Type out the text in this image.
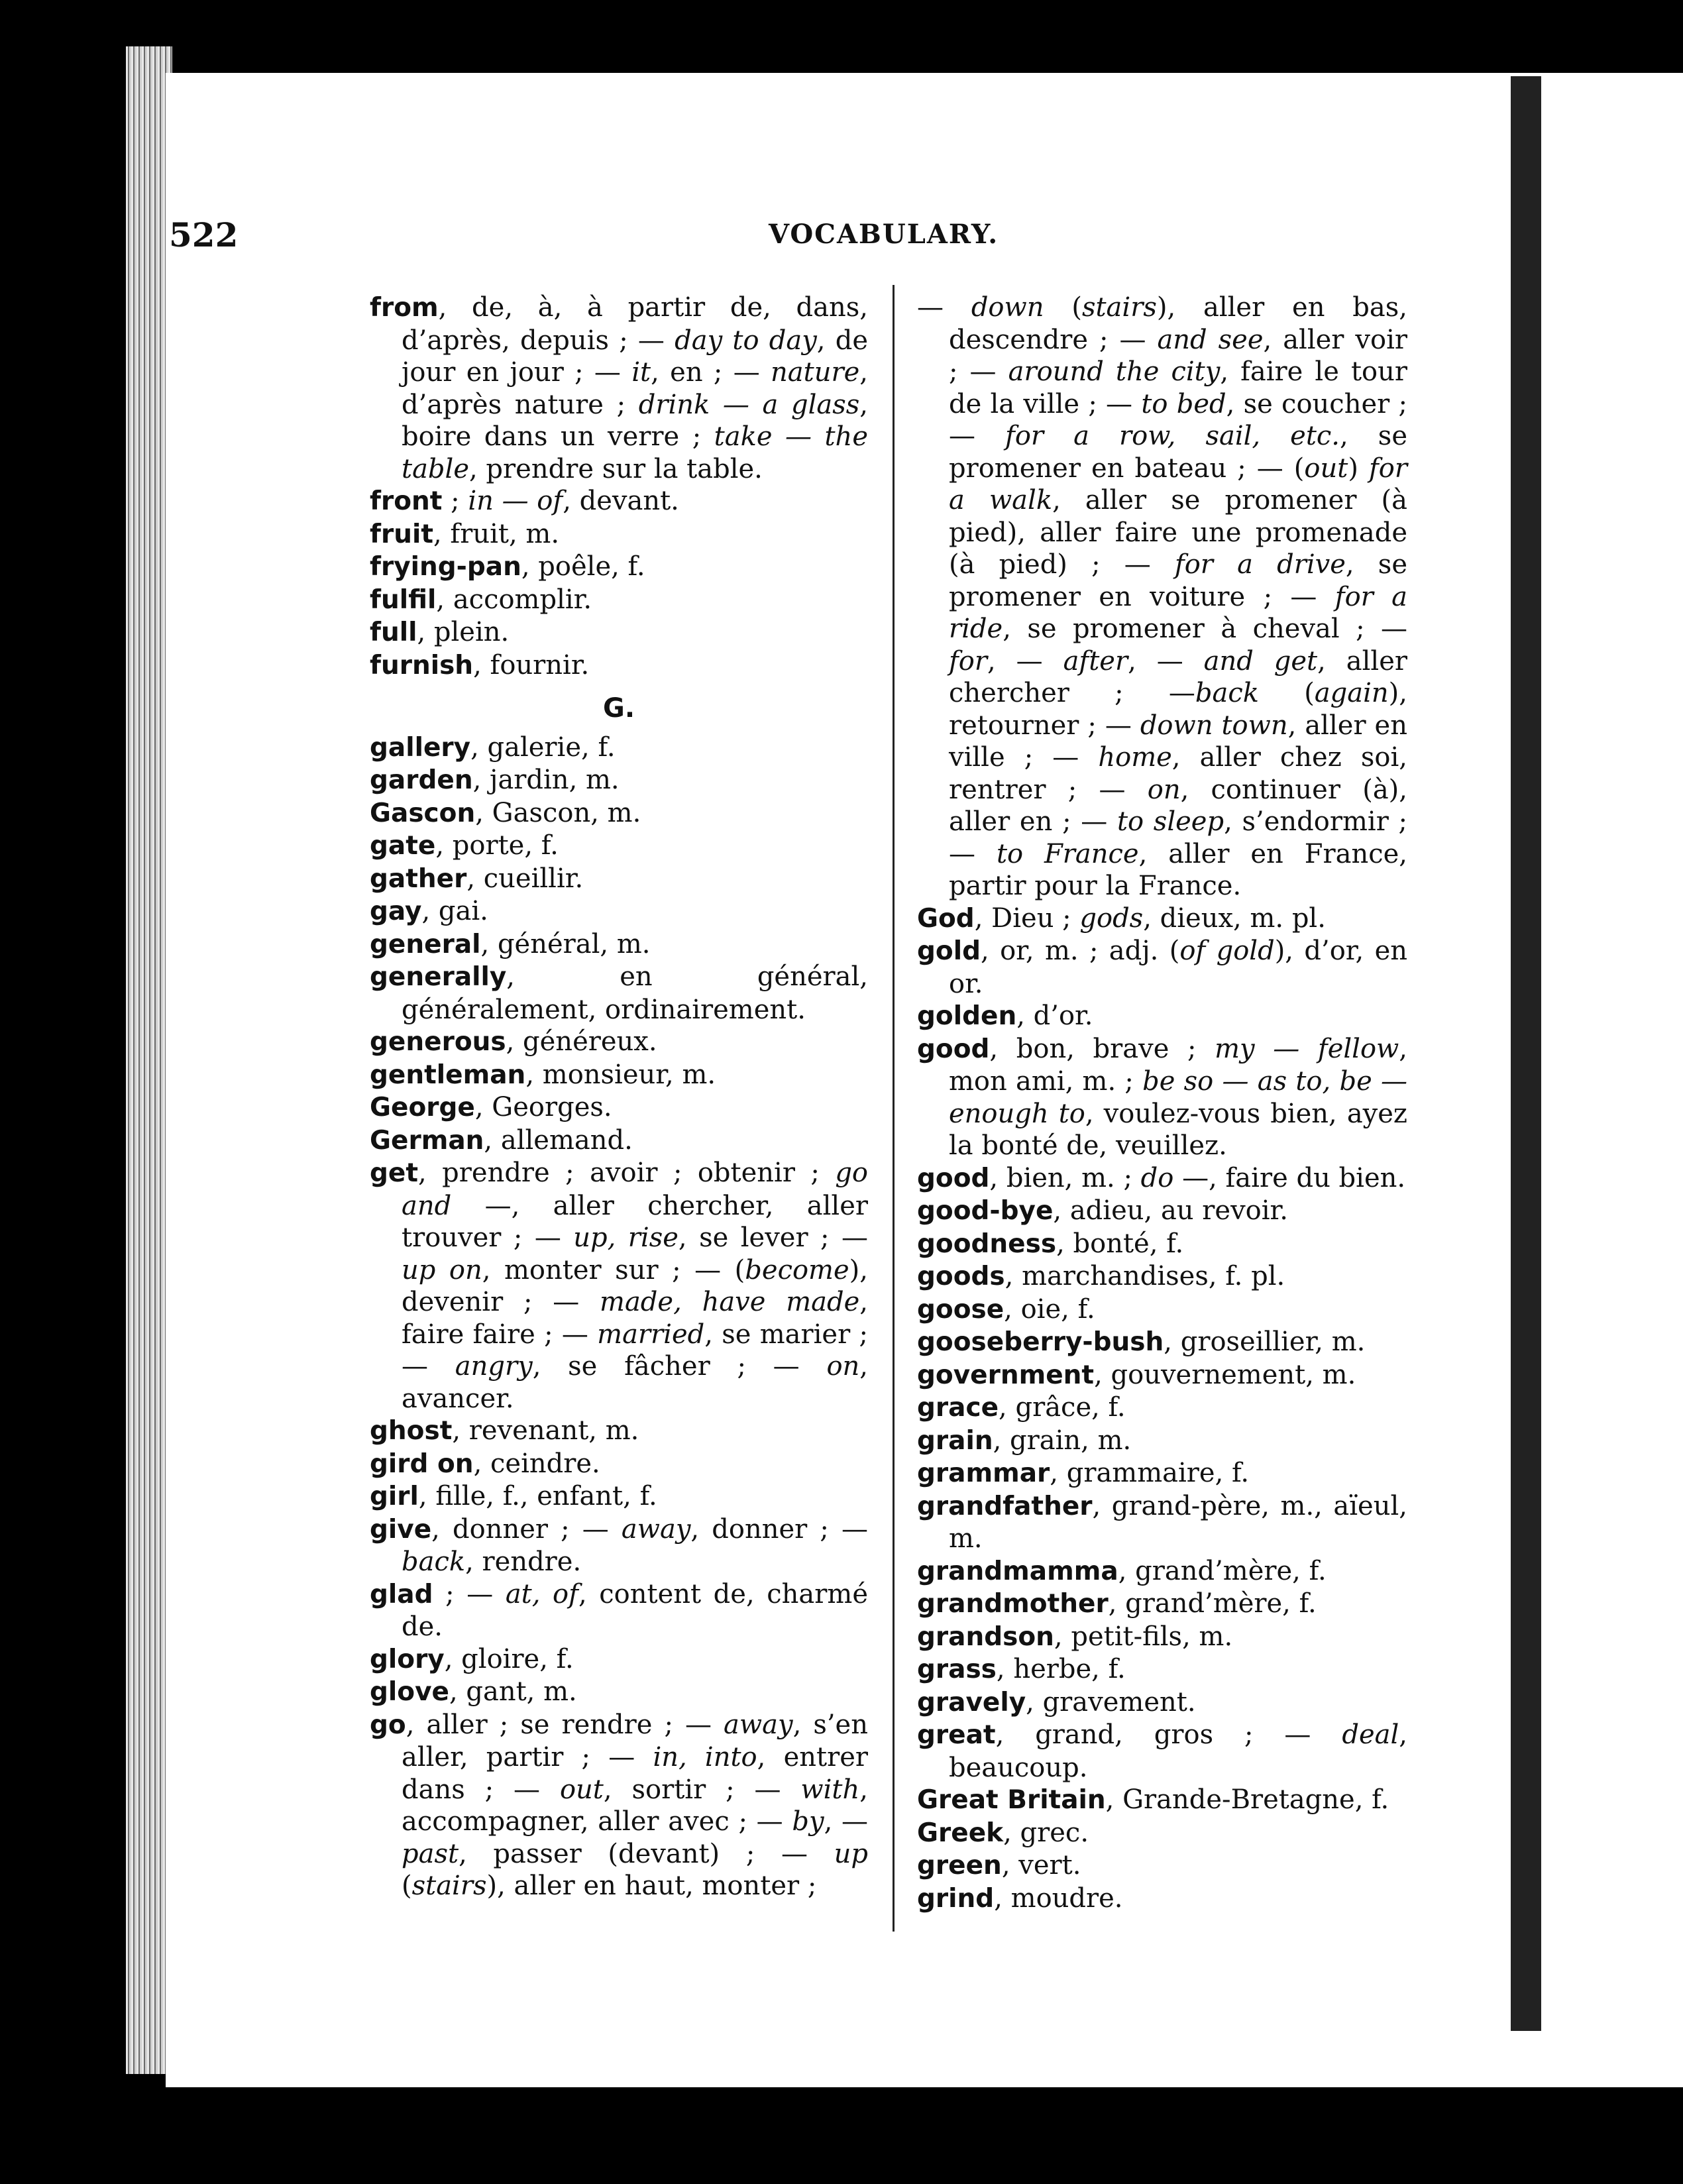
522	VOCABULARY.
from, de, à, à partir de, dans, d’après, depuis ; — day to day, de jour en jour ; — it, en ; — nature, d’après nature ; drink — a glass, boire dans un verre ; take — the table, prendre sur la table.
front ; in — of, devant.
fruit, fruit, m.
frying-pan, poêle, f.
fulfil, accomplir.
full, plein.
furnish, fournir.
G.
gallery, galerie, f.
garden, jardin, m.
Gascon, Gascon, m.
gate, porte, f.
gather, cueillir.
gay, gai.
general, général, m.
generally, en général, généralement, ordinairement.
generous, généreux.
gentleman, monsieur, m.
George, Georges.
German, allemand.
get, prendre ; avoir ; obtenir ; go and —, aller chercher, aller trouver ; — up, rise, se lever ; — up on, monter sur ; — (become), devenir ; — made, have made, faire faire ; — married, se marier ; — angry, se fâcher ; — on, avancer.
ghost, revenant, m.
gird on, ceindre.
girl, fille, f., enfant, f.
give, donner ; — away, donner ; — back, rendre.
glad ; — at, of, content de, charmé de.
glory, gloire, f.
glove, gant, m.
go, aller ; se rendre ; — away, s’en aller, partir ; — in, into, entrer dans ; — out, sortir ; — with, accompagner, aller avec ; — by, — past, passer (devant) ; — up (stairs), aller en haut, monter ;
— down (stairs), aller en bas, descendre ; — and see, aller voir ; — around the city, faire le tour de la ville ; — to bed, se coucher ; — for a row, sail, etc., se promener en bateau ; — (out) for a walk, aller se promener (à pied), aller faire une promenade (à pied) ; — for a drive, se promener en voiture ; — for a ride, se promener à cheval ; — for, — after, — and get, aller chercher ; —back (again), retourner ; — down town, aller en ville ; — home, aller chez soi, rentrer ; — on, continuer (à), aller en ; — to sleep, s’endormir ; — to France, aller en France, partir pour la France.
God, Dieu ; gods, dieux, m. pl.
gold, or, m. ; adj. (of gold), d’or, en or.
golden, d’or.
good, bon, brave ; my — fellow, mon ami, m. ; be so — as to, be — enough to, voulez-vous bien, ayez la bonté de, veuillez.
good, bien, m. ; do —, faire du bien.
good-bye, adieu, au revoir.
goodness, bonté, f.
goods, marchandises, f. pl.
goose, oie, f.
gooseberry-bush, groseillier, m.
government, gouvernement, m.
grace, grâce, f.
grain, grain, m.
grammar, grammaire, f.
grandfather, grand-père, m., aïeul, m.
grandmamma, grand’mère, f.
grandmother, grand’mère, f.
grandson, petit-fils, m.
grass, herbe, f.
gravely, gravement.
great, grand, gros ; — deal, beaucoup.
Great Britain, Grande-Bretagne, f.
Greek, grec.
green, vert.
grind, moudre.
